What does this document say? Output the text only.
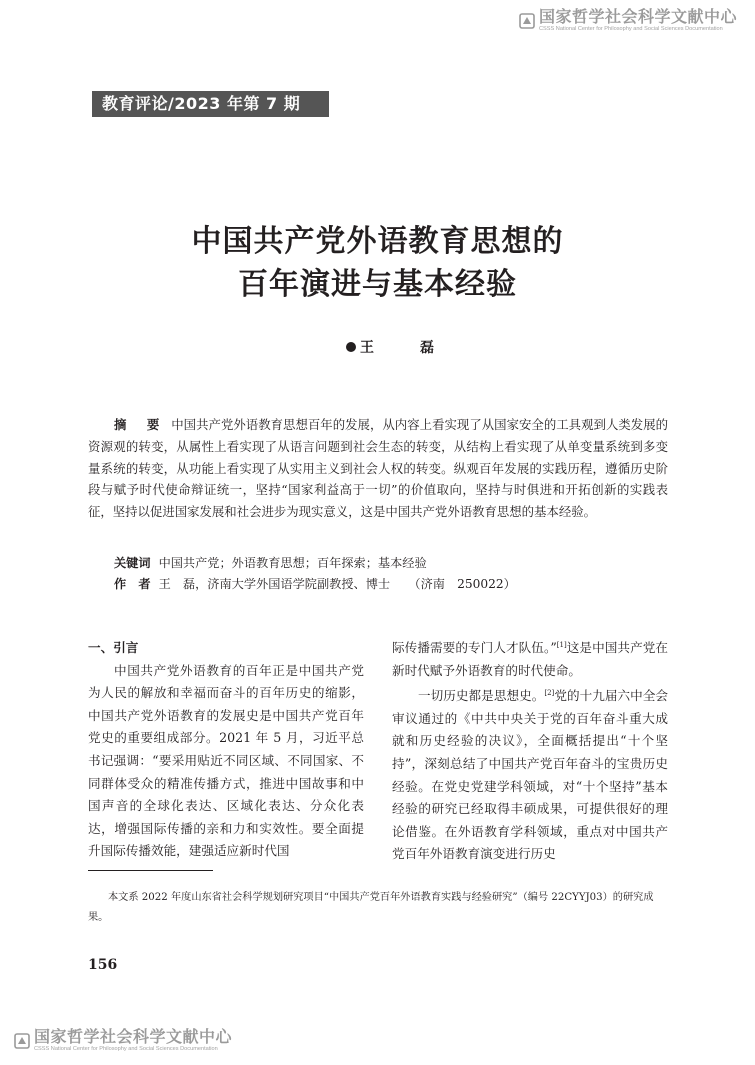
国家哲学社会科学文献中心
CSSS National Center for Philosophy and Social Sciences Documentation
教育评论/2023 年第 7 期
中国共产党外语教育思想的
百年演进与基本经验
王　磊
摘　要 中国共产党外语教育思想百年的发展，从内容上看实现了从国家安全的工具观到人类发展的资源观的转变，从属性上看实现了从语言问题到社会生态的转变，从结构上看实现了从单变量系统到多变量系统的转变，从功能上看实现了从实用主义到社会人权的转变。纵观百年发展的实践历程，遵循历史阶段与赋予时代使命辩证统一，坚持“国家利益高于一切”的价值取向，坚持与时俱进和开拓创新的实践表征，坚持以促进国家发展和社会进步为现实意义，这是中国共产党外语教育思想的基本经验。
关键词 中国共产党；外语教育思想；百年探索；基本经验
作　者 王　磊，济南大学外国语学院副教授、博士　　（济南　250022）

一、引言

中国共产党外语教育的百年正是中国共产党为人民的解放和幸福而奋斗的百年历史的缩影，中国共产党外语教育的发展史是中国共产党百年党史的重要组成部分。2021 年 5 月，习近平总书记强调：“要采用贴近不同区域、不同国家、不同群体受众的精准传播方式，推进中国故事和中国声音的全球化表达、区域化表达、分众化表达，增强国际传播的亲和力和实效性。要全面提升国际传播效能，建强适应新时代国

际传播需要的专门人才队伍。”[1]这是中国共产党在新时代赋予外语教育的时代使命。

一切历史都是思想史。[2]党的十九届六中全会审议通过的《中共中央关于党的百年奋斗重大成就和历史经验的决议》，全面概括提出“十个坚持”，深刻总结了中国共产党百年奋斗的宝贵历史经验。在党史党建学科领域，对“十个坚持”基本经验的研究已经取得丰硕成果，可提供很好的理论借鉴。在外语教育学科领域，重点对中国共产党百年外语教育演变进行历史

本文系 2022 年度山东省社会科学规划研究项目“中国共产党百年外语教育实践与经验研究”（编号 22CYYJ03）的研究成果。
156
国家哲学社会科学文献中心
CSSS National Center for Philosophy and Social Sciences Documentation
